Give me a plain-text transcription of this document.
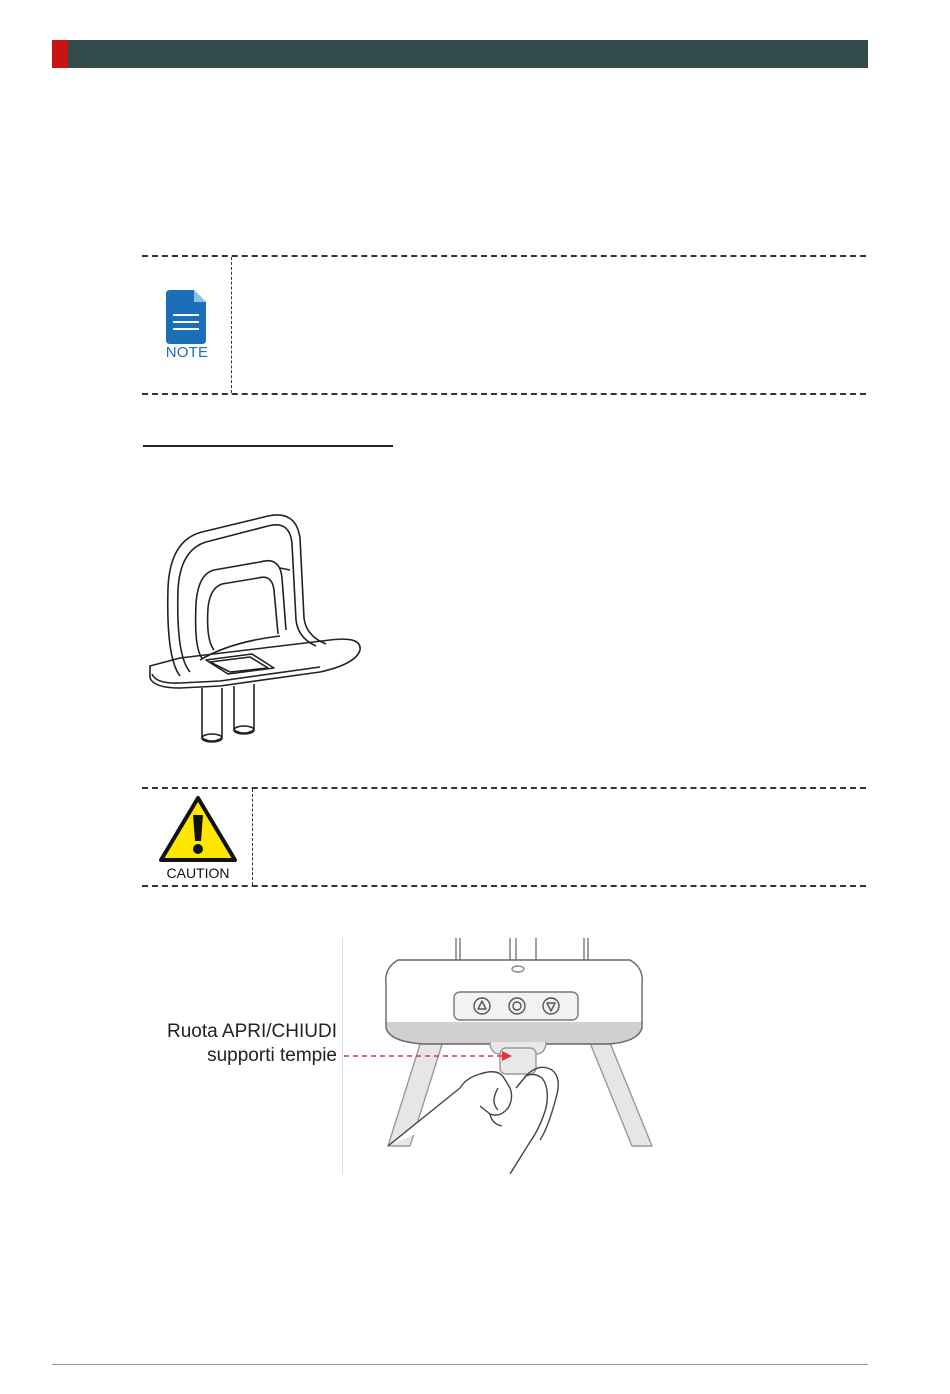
NOTE
CAUTION
Ruota APRI/CHIUDI
supporti tempie
